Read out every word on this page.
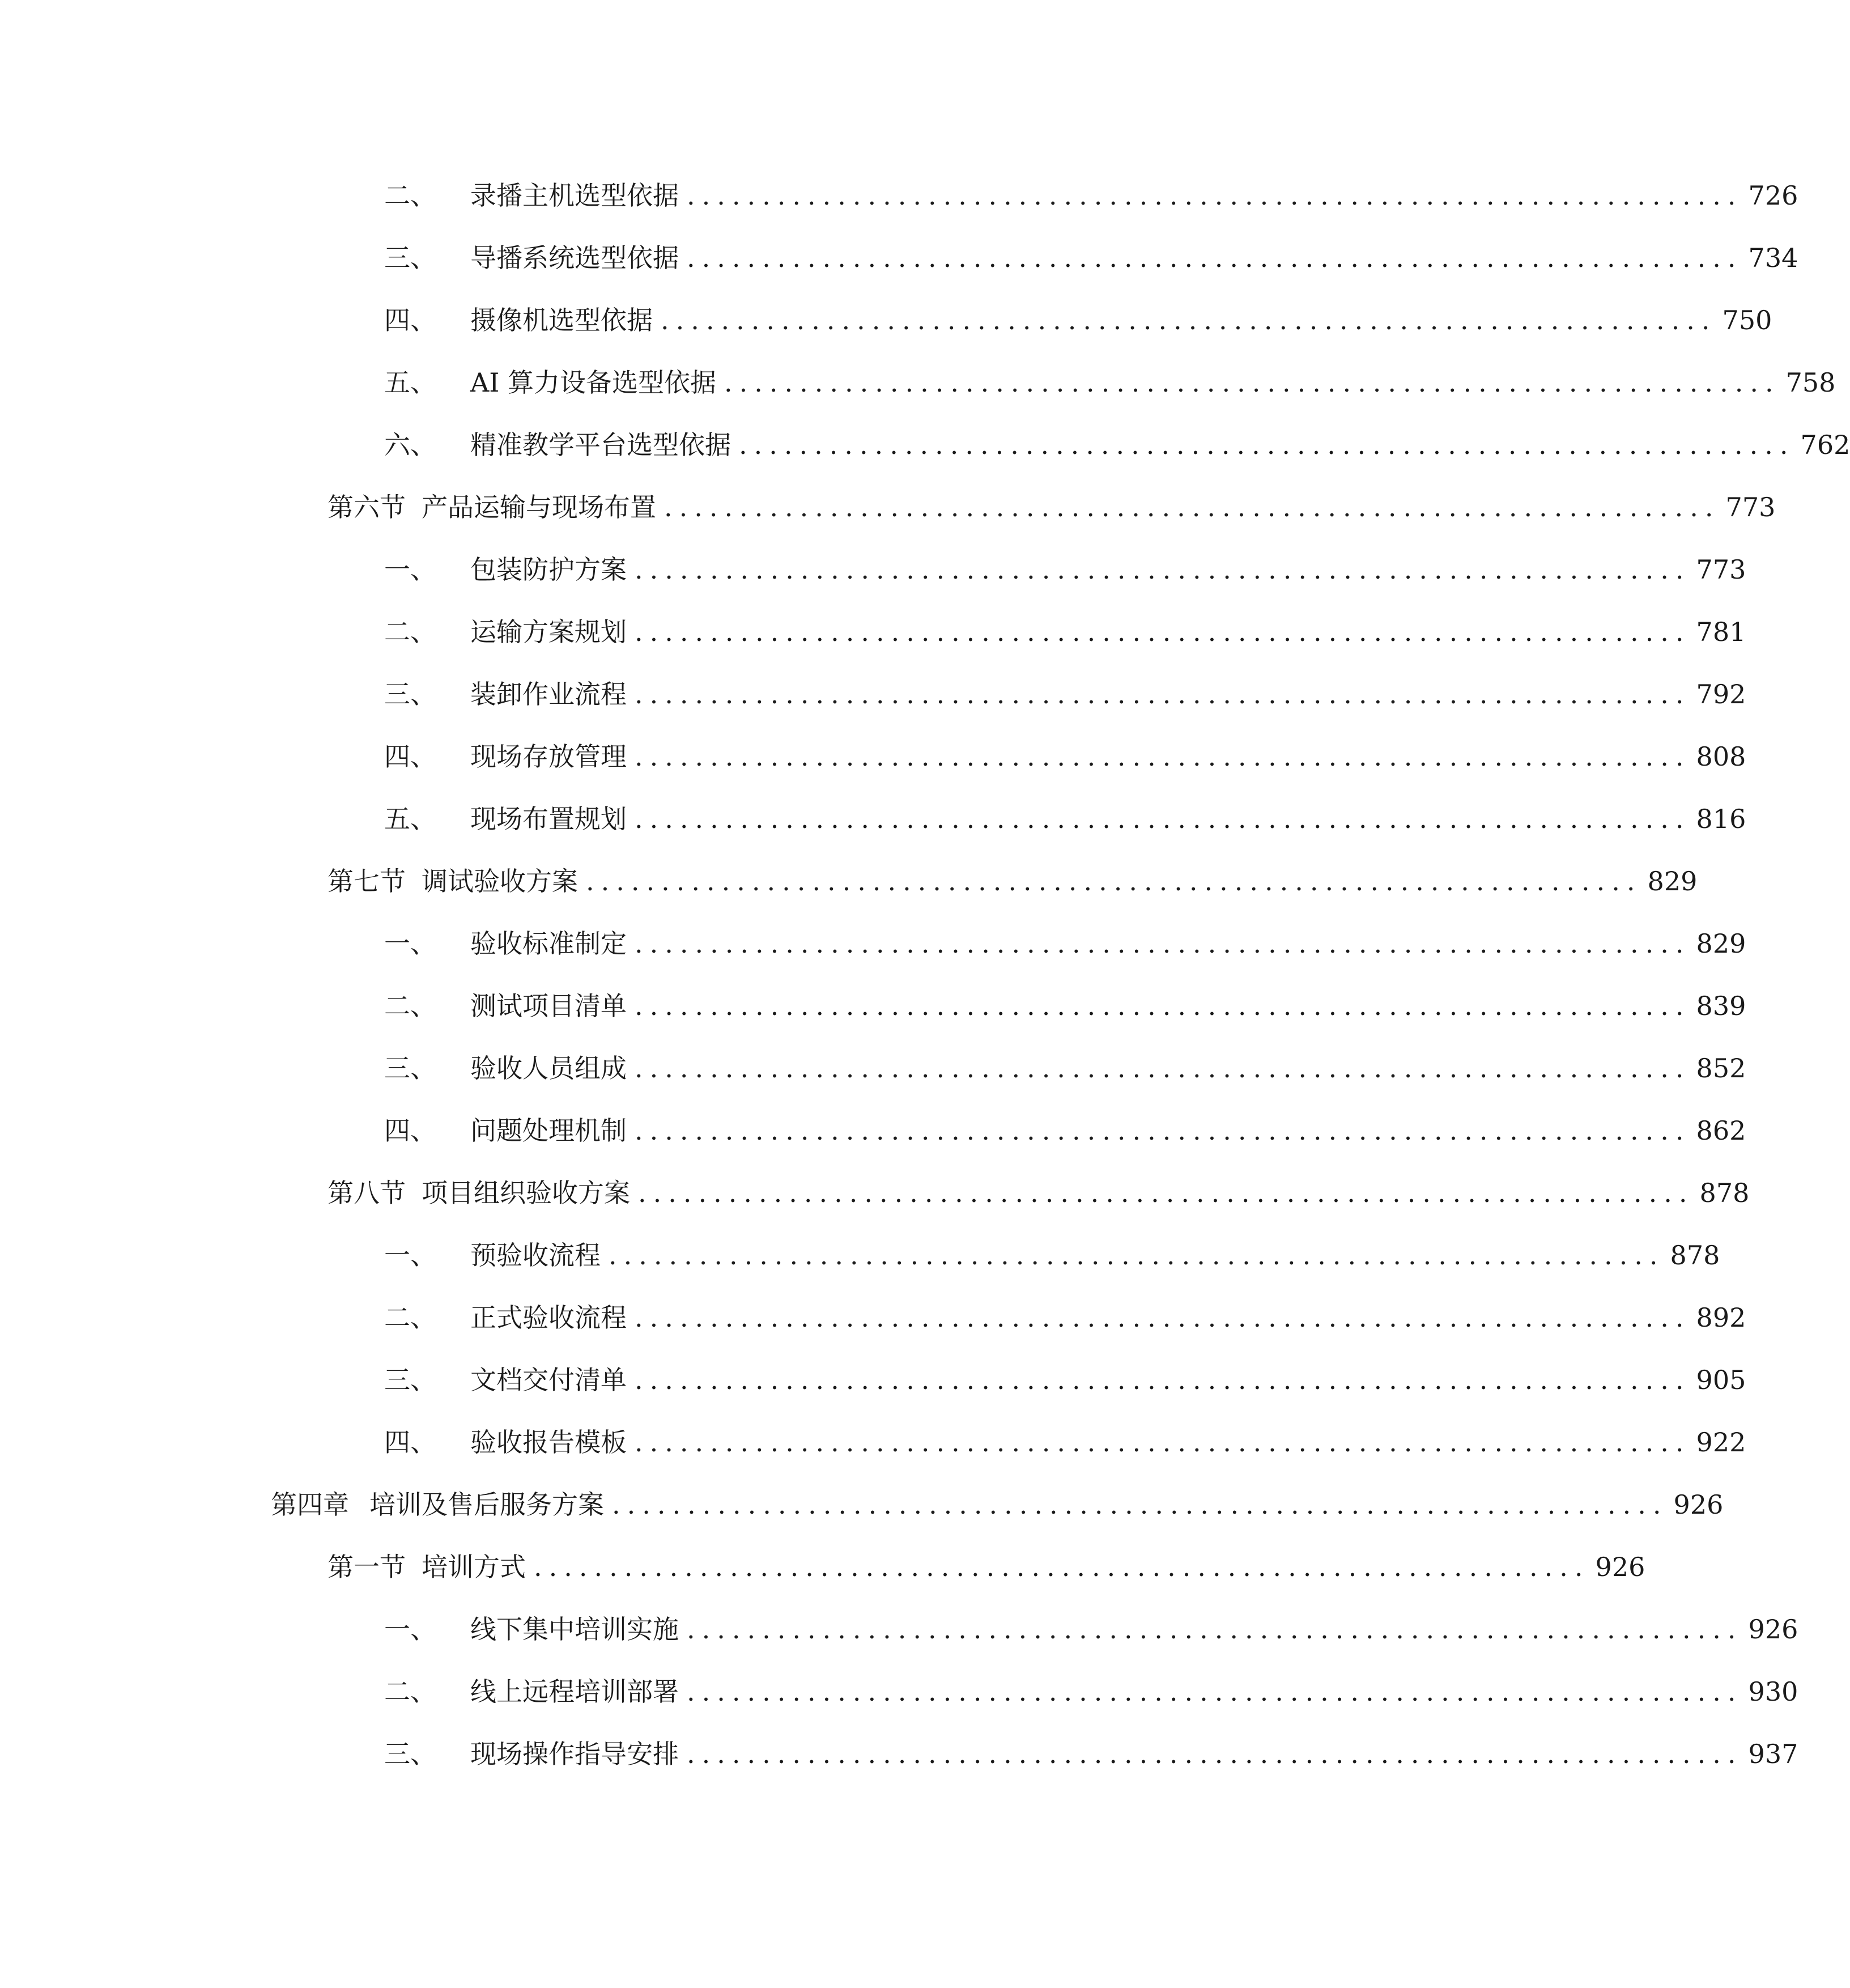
二、 录播主机选型依据 ...................................................................... 726
三、 导播系统选型依据 ...................................................................... 734
四、 摄像机选型依据 ...................................................................... 750
五、 AI 算力设备选型依据 ...................................................................... 758
六、 精准教学平台选型依据 ...................................................................... 762
第六节 产品运输与现场布置 ...................................................................... 773
一、 包装防护方案 ...................................................................... 773
二、 运输方案规划 ...................................................................... 781
三、 装卸作业流程 ...................................................................... 792
四、 现场存放管理 ...................................................................... 808
五、 现场布置规划 ...................................................................... 816
第七节 调试验收方案 ...................................................................... 829
一、 验收标准制定 ...................................................................... 829
二、 测试项目清单 ...................................................................... 839
三、 验收人员组成 ...................................................................... 852
四、 问题处理机制 ...................................................................... 862
第八节 项目组织验收方案 ...................................................................... 878
一、 预验收流程 ...................................................................... 878
二、 正式验收流程 ...................................................................... 892
三、 文档交付清单 ...................................................................... 905
四、 验收报告模板 ...................................................................... 922
第四章 培训及售后服务方案 ...................................................................... 926
第一节 培训方式 ...................................................................... 926
一、 线下集中培训实施 ...................................................................... 926
二、 线上远程培训部署 ...................................................................... 930
三、 现场操作指导安排 ...................................................................... 937
